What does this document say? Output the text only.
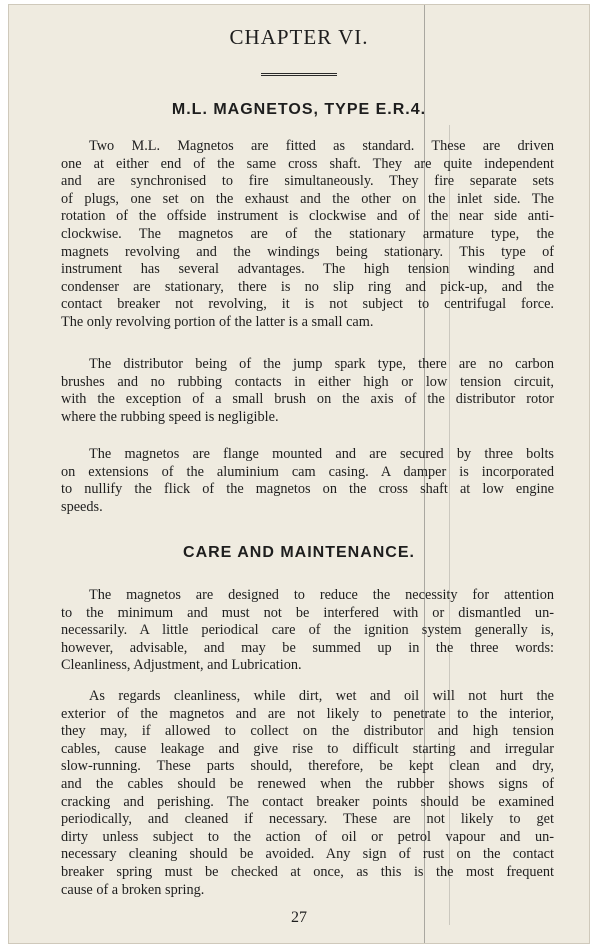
CHAPTER VI.
M.L. MAGNETOS, TYPE E.R.4.
Two M.L. Magnetos are fitted as standard. These are driven
one at either end of the same cross shaft. They are quite independent
and are synchronised to fire simultaneously. They fire separate sets
of plugs, one set on the exhaust and the other on the inlet side. The
rotation of the offside instrument is clockwise and of the near side anti-
clockwise. The magnetos are of the stationary armature type, the
magnets revolving and the windings being stationary. This type of
instrument has several advantages. The high tension winding and
condenser are stationary, there is no slip ring and pick-up, and the
contact breaker not revolving, it is not subject to centrifugal force.
The only revolving portion of the latter is a small cam.
The distributor being of the jump spark type, there are no carbon
brushes and no rubbing contacts in either high or low tension circuit,
with the exception of a small brush on the axis of the distributor rotor
where the rubbing speed is negligible.
The magnetos are flange mounted and are secured by three bolts
on extensions of the aluminium cam casing. A damper is incorporated
to nullify the flick of the magnetos on the cross shaft at low engine
speeds.
CARE AND MAINTENANCE.
The magnetos are designed to reduce the necessity for attention
to the minimum and must not be interfered with or dismantled un-
necessarily. A little periodical care of the ignition system generally is,
however, advisable, and may be summed up in the three words:
Cleanliness, Adjustment, and Lubrication.
As regards cleanliness, while dirt, wet and oil will not hurt the
exterior of the magnetos and are not likely to penetrate to the interior,
they may, if allowed to collect on the distributor and high tension
cables, cause leakage and give rise to difficult starting and irregular
slow-running. These parts should, therefore, be kept clean and dry,
and the cables should be renewed when the rubber shows signs of
cracking and perishing. The contact breaker points should be examined
periodically, and cleaned if necessary. These are not likely to get
dirty unless subject to the action of oil or petrol vapour and un-
necessary cleaning should be avoided. Any sign of rust on the contact
breaker spring must be checked at once, as this is the most frequent
cause of a broken spring.
27
